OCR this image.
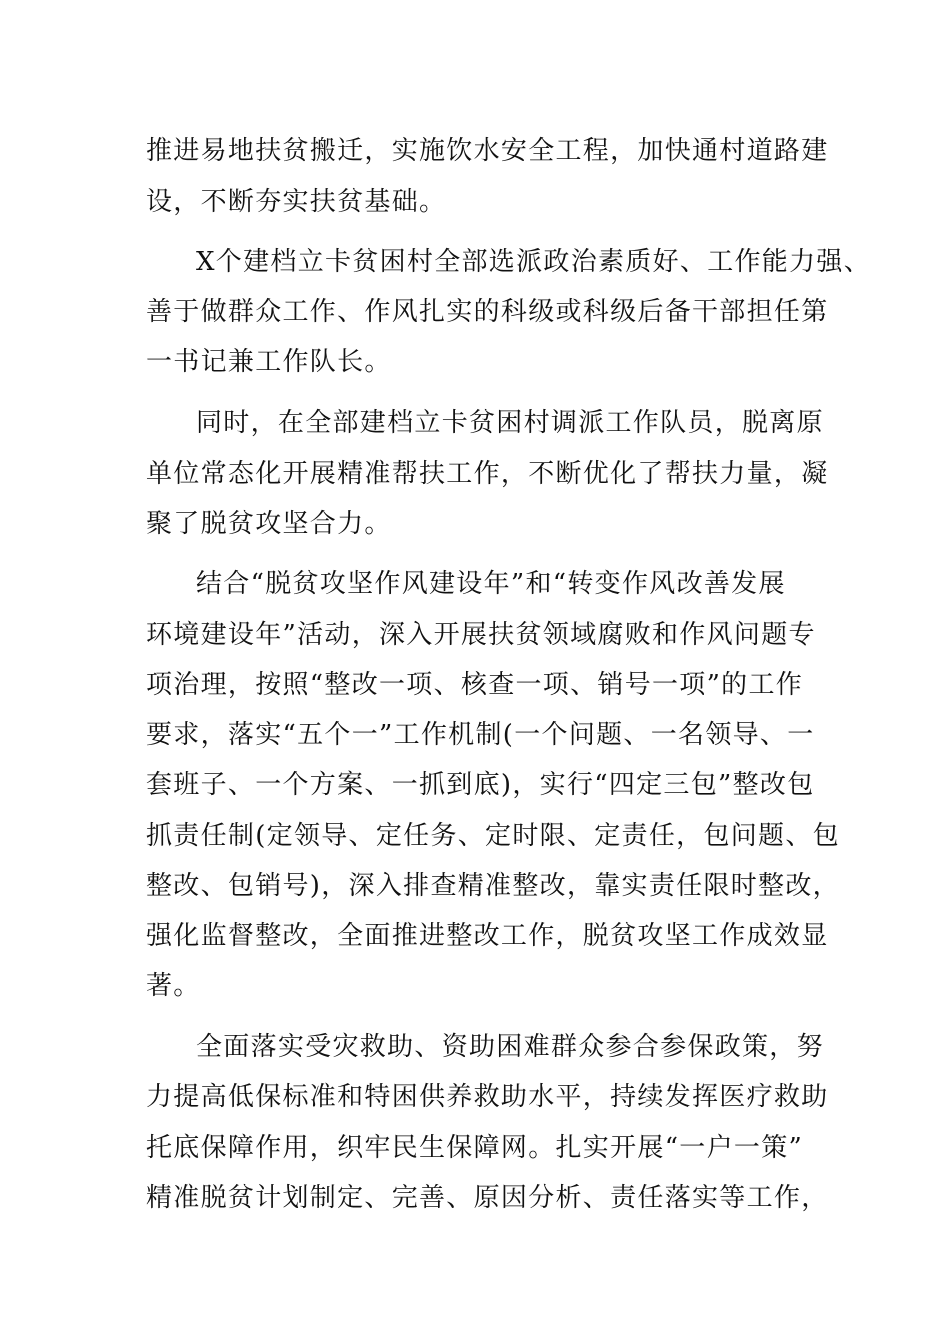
推进易地扶贫搬迁，实施饮水安全工程，加快通村道路建
设，不断夯实扶贫基础。
X个建档立卡贫困村全部选派政治素质好、工作能力强、
善于做群众工作、作风扎实的科级或科级后备干部担任第
一书记兼工作队长。
同时，在全部建档立卡贫困村调派工作队员，脱离原
单位常态化开展精准帮扶工作，不断优化了帮扶力量，凝
聚了脱贫攻坚合力。
结合“脱贫攻坚作风建设年”和“转变作风改善发展
环境建设年”活动，深入开展扶贫领域腐败和作风问题专
项治理，按照“整改一项、核查一项、销号一项”的工作
要求，落实“五个一”工作机制(一个问题、一名领导、一
套班子、一个方案、一抓到底)，实行“四定三包”整改包
抓责任制(定领导、定任务、定时限、定责任，包问题、包
整改、包销号)，深入排查精准整改，靠实责任限时整改，
强化监督整改，全面推进整改工作，脱贫攻坚工作成效显
著。
全面落实受灾救助、资助困难群众参合参保政策，努
力提高低保标准和特困供养救助水平，持续发挥医疗救助
托底保障作用，织牢民生保障网。扎实开展“一户一策”
精准脱贫计划制定、完善、原因分析、责任落实等工作，
